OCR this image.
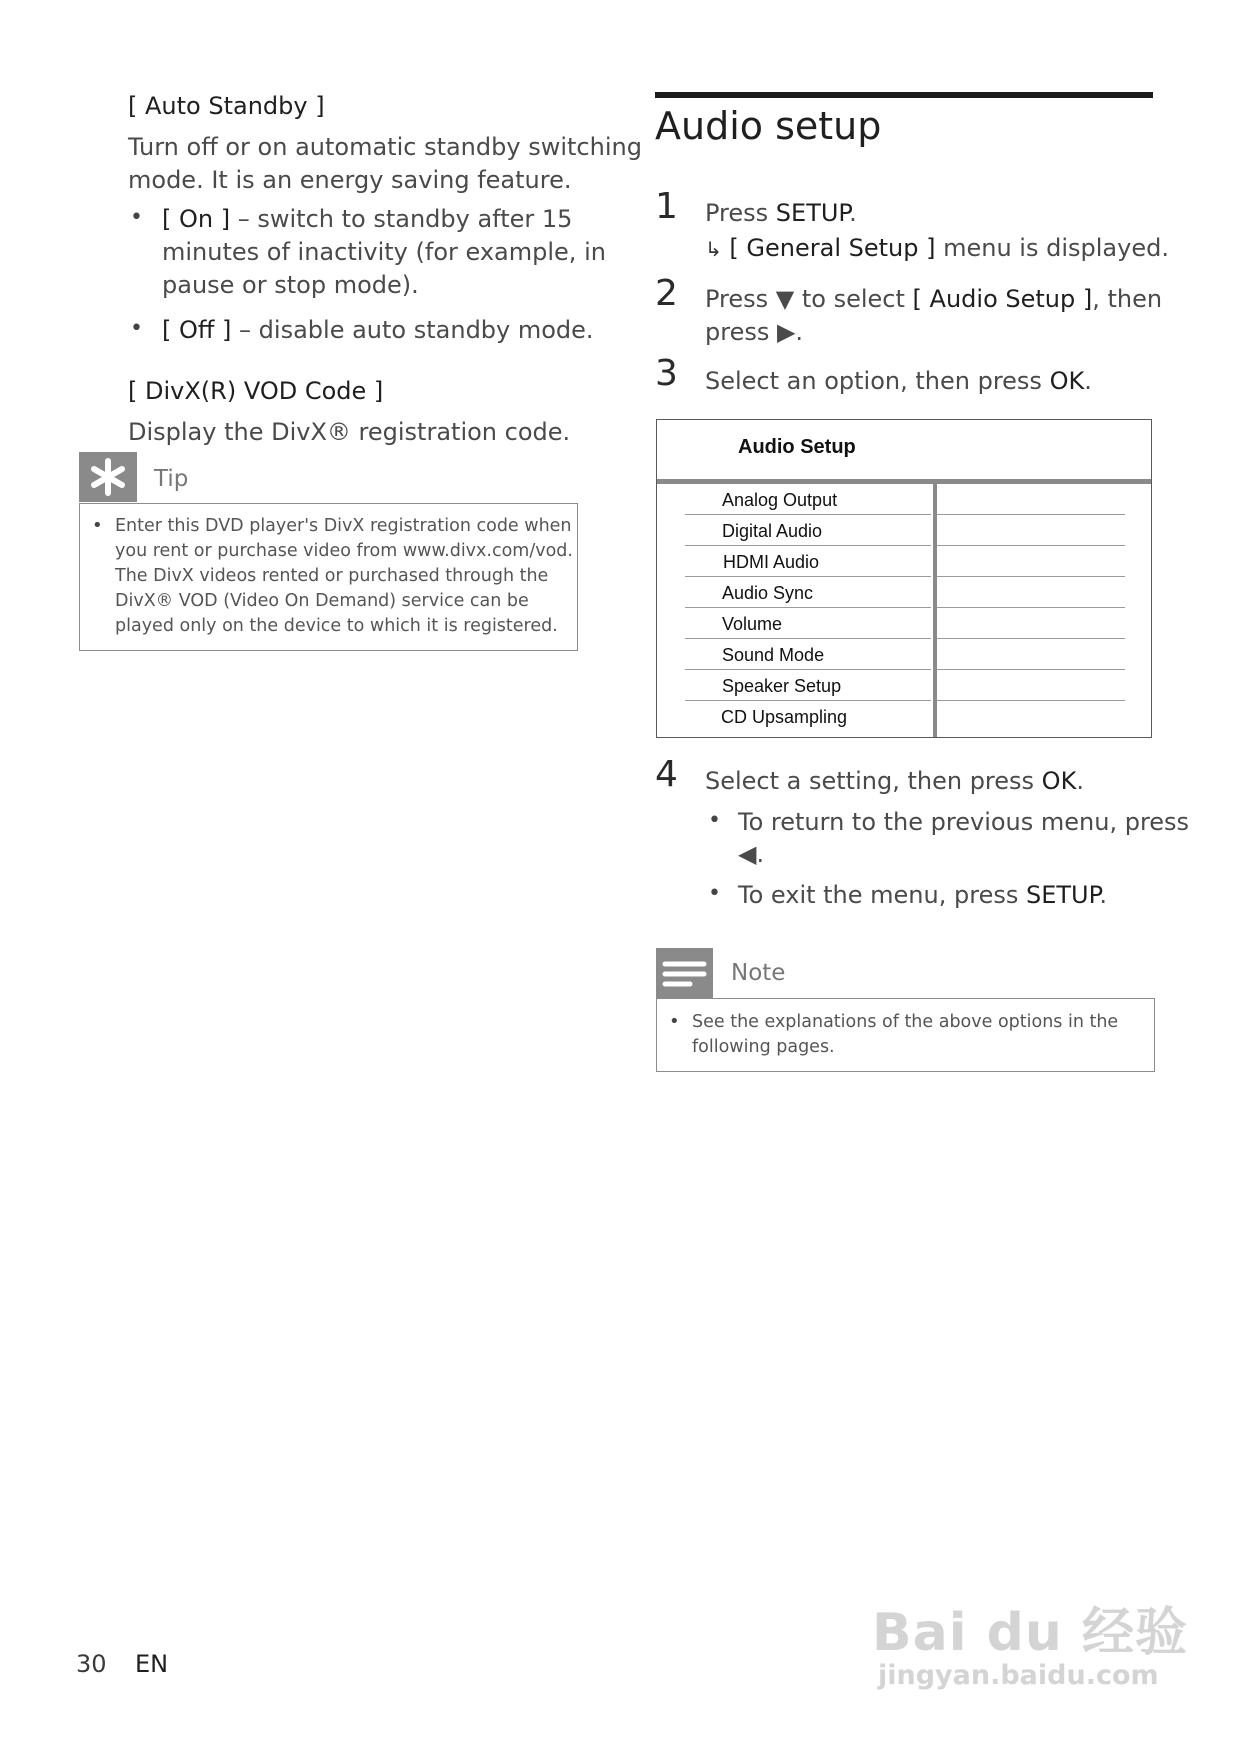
[ Auto Standby ]
Turn off or on automatic standby switching
mode. It is an energy saving feature.
• [ On ] – switch to standby after 15
minutes of inactivity (for example, in
pause or stop mode).
• [ Off ] – disable auto standby mode.
[ DivX(R) VOD Code ]
Display the DivX® registration code.
Tip
• Enter this DVD player's DivX registration code when
you rent or purchase video from www.divx.com/vod.
The DivX videos rented or purchased through the
DivX® VOD (Video On Demand) service can be
played only on the device to which it is registered.
Audio setup
1 Press SETUP.
↳ [ General Setup ] menu is displayed.
2 Press ▼ to select [ Audio Setup ], then
press ▶.
3 Select an option, then press OK.
Audio Setup
Analog Output
Digital Audio
HDMI Audio
Audio Sync
Volume
Sound Mode
Speaker Setup
CD Upsampling
4 Select a setting, then press OK.
• To return to the previous menu, press
◀.
• To exit the menu, press SETUP.
Note
• See the explanations of the above options in the
following pages.
30 EN
Bai du 经验
jingyan.baidu.com
